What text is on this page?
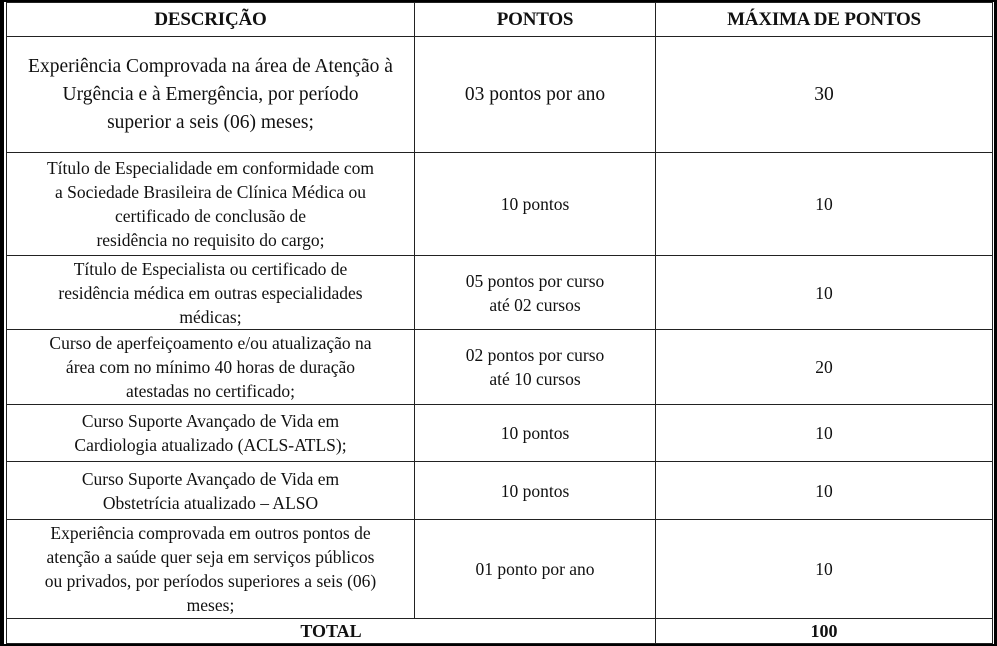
DESCRIÇÃO	PONTOS	MÁXIMA DE PONTOS

Experiência Comprovada na área de Atenção à
Urgência e à Emergência, por período
superior a seis (06) meses;	03 pontos por ano	30

Título de Especialidade em conformidade com
a Sociedade Brasileira de Clínica Médica ou
certificado de conclusão de
residência no requisito do cargo;	10 pontos	10

Título de Especialista ou certificado de
residência médica em outras especialidades
médicas;	05 pontos por curso
até 02 cursos	10

Curso de aperfeiçoamento e/ou atualização na
área com no mínimo 40 horas de duração
atestadas no certificado;	02 pontos por curso
até 10 cursos	20

Curso Suporte Avançado de Vida em
Cardiologia atualizado (ACLS-ATLS);	10 pontos	10

Curso Suporte Avançado de Vida em
Obstetrícia atualizado – ALSO	10 pontos	10

Experiência comprovada em outros pontos de
atenção a saúde quer seja em serviços públicos
ou privados, por períodos superiores a seis (06)
meses;	01 ponto por ano	10
TOTAL		100
